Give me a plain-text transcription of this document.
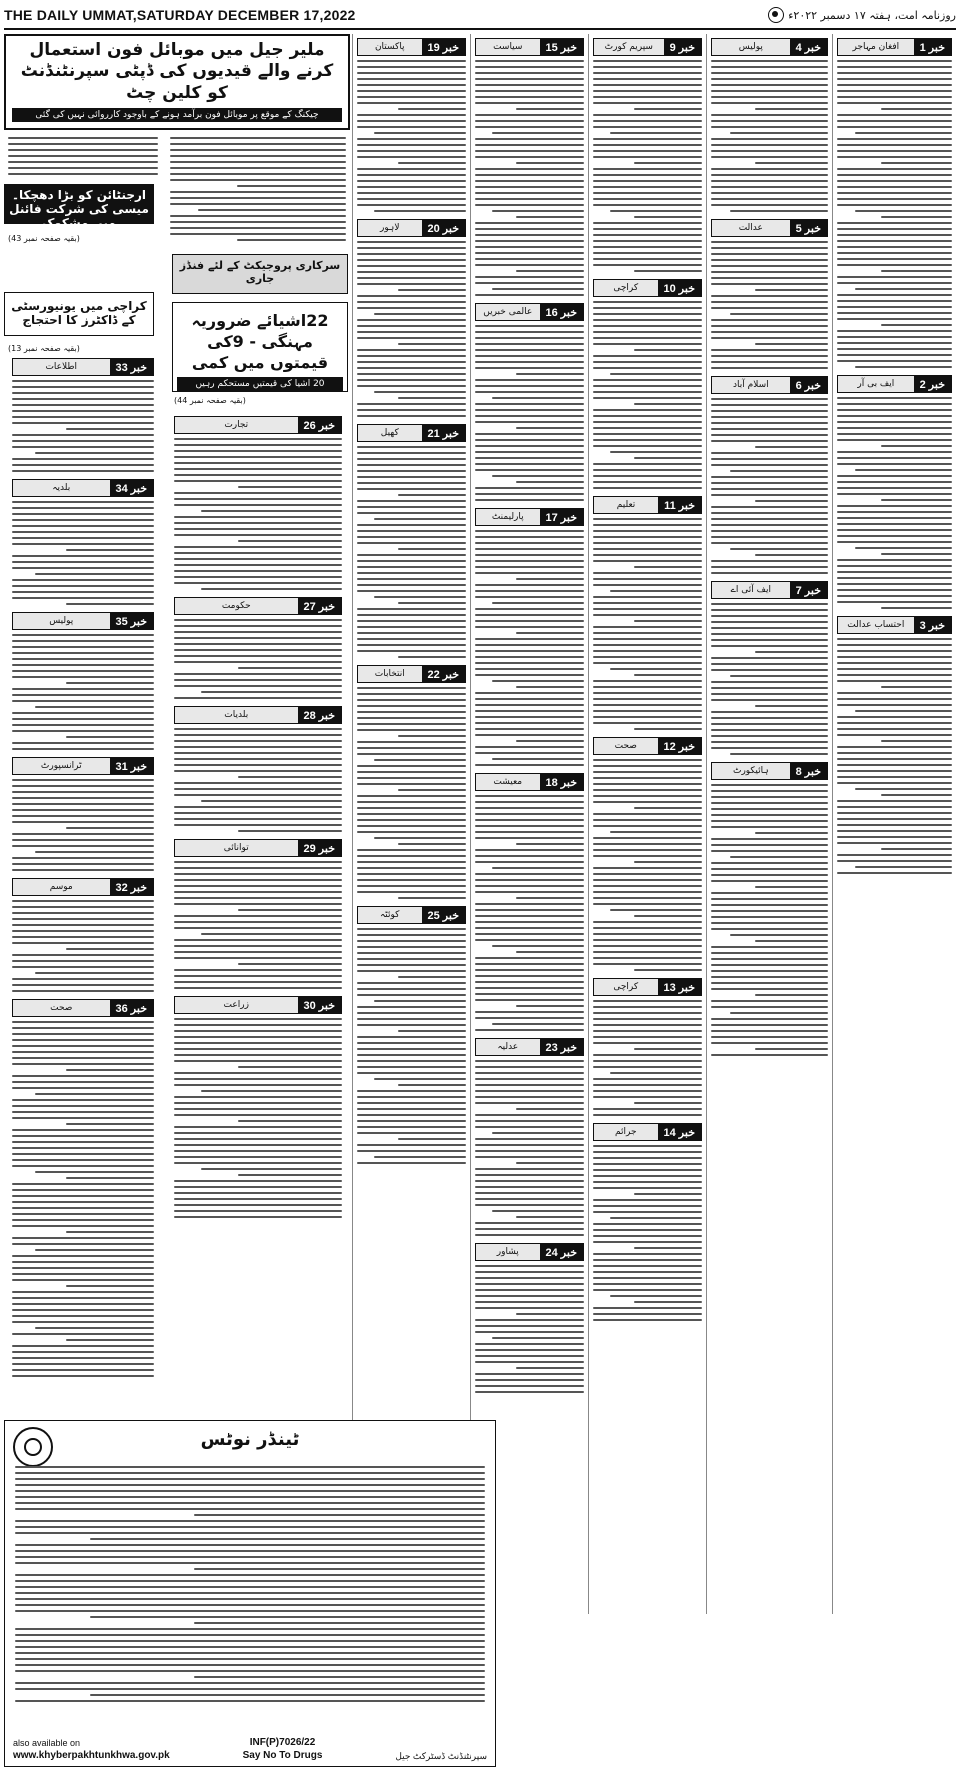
THE DAILY UMMAT,SATURDAY DECEMBER 17,2022	روزنامہ امت، ہفتہ ۱۷ دسمبر ۲۰۲۲ء
ملیر جیل میں موبائل فون استعمال کرنے والے قیدیوں کی ڈپٹی سپرنٹنڈنٹ کو کلین چٹ
چیکنگ کے موقع پر موبائل فون برآمد ہونے کے باوجود کارروائی نہیں کی گئی
ارجنٹائن کو بڑا دھچکا۔ میسی کی شرکت فائنل میں مشکوک
سرکاری پروجیکٹ کے لئے فنڈز جاری
22اشیائے ضروریہ مہنگی - 9کی قیمتوں میں کمی
20 اشیا کی قیمتیں مستحکم رہیں
کراچی میں یونیورسٹی کے ڈاکٹرز کا احتجاج
(بقیہ صفحہ نمبر 13)
(بقیہ صفحہ نمبر 43)
(بقیہ صفحہ نمبر 44)
خبر 33
اطلاعات
خبر 34
بلدیہ
خبر 35
پولیس
خبر 31
ٹرانسپورٹ
خبر 32
موسم
خبر 36
صحت
خبر 26
تجارت
خبر 27
حکومت
خبر 28
بلدیات
خبر 29
توانائی
خبر 30
زراعت
خبر 19
پاکستان
خبر 20
لاہور
خبر 21
کھیل
خبر 22
انتخابات
خبر 25
کوئٹہ
خبر 15
سیاست
خبر 16
عالمی خبریں
خبر 17
پارلیمنٹ
خبر 18
معیشت
خبر 23
عدلیہ
خبر 24
پشاور
خبر 9
سپریم کورٹ
خبر 10
کراچی
خبر 11
تعلیم
خبر 12
صحت
خبر 13
کراچی
خبر 14
جرائم
خبر 4
پولیس
خبر 5
عدالت
خبر 6
اسلام آباد
خبر 7
ایف آئی اے
خبر 8
ہائیکورٹ
خبر 1
افغان مہاجر
خبر 2
ایف بی آر
خبر 3
احتساب عدالت
ٹینڈر نوٹس
also available on
www.khyberpakhtunkhwa.gov.pk
INF(P)7026/22
Say No To Drugs	سپرنٹنڈنٹ ڈسٹرکٹ جیل
